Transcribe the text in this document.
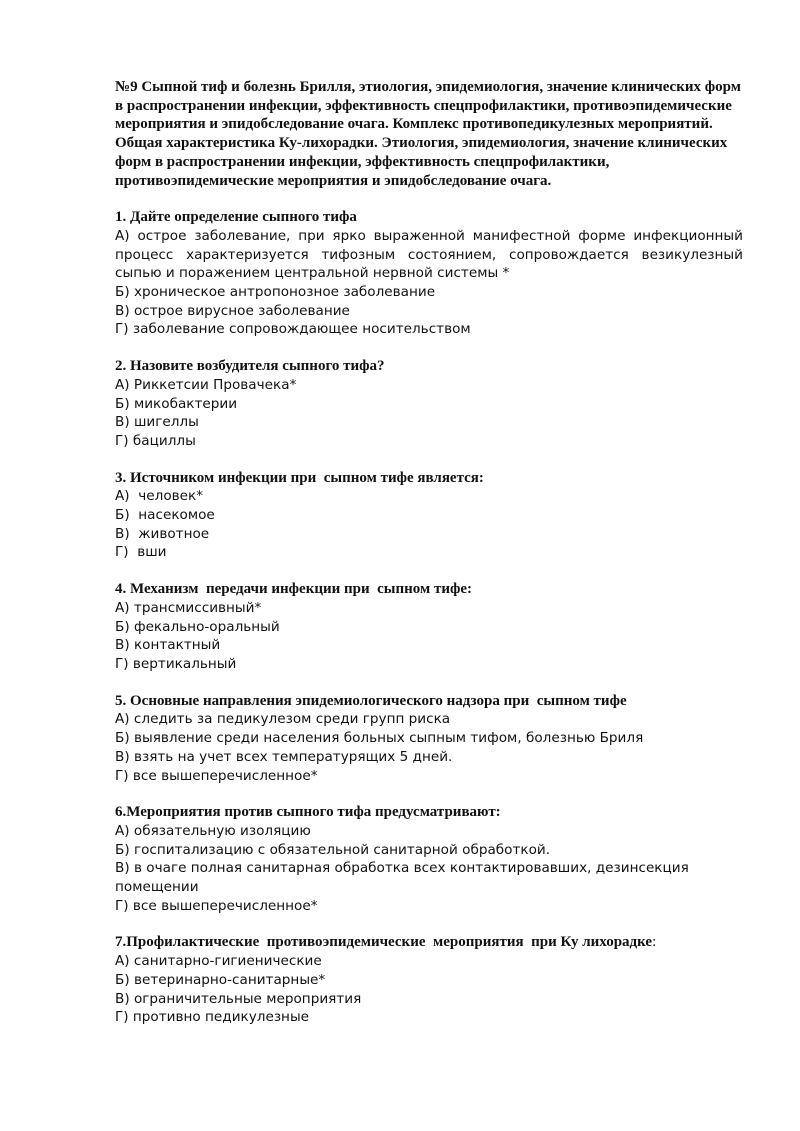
№9 Сыпной тиф и болезнь Брилля, этиология, эпидемиология, значение клинических форм в распространении инфекции, эффективность спецпрофилактики, противоэпидемические мероприятия и эпидобследование очага. Комплекс противопедикулезных мероприятий. Общая характеристика Ку-лихорадки. Этиология, эпидемиология, значение клинических форм в распространении инфекции, эффективность спецпрофилактики, противоэпидемические мероприятия и эпидобследование очага.

1. Дайте определение сыпного тифа

А) острое заболевание, при ярко выраженной манифестной форме инфекционный процесс характеризуется тифозным состоянием, сопровождается везикулезный сыпью и поражением центральной нервной системы *

Б) хроническое антропонозное заболевание

В) острое вирусное заболевание

Г) заболевание сопровождающее носительством

2. Назовите возбудителя сыпного тифа?

А) Риккетсии Провачека*

Б) микобактерии

В) шигеллы

Г) бациллы

3. Источником инфекции при  сыпном тифе является:

А)  человек*

Б)  насекомое

В)  животное

Г)  вши

4. Механизм  передачи инфекции при  сыпном тифе:

А) трансмиссивный*

Б) фекально-оральный

В) контактный

Г) вертикальный

5. Основные направления эпидемиологического надзора при  сыпном тифе

А) следить за педикулезом среди групп риска

Б) выявление среди населения больных сыпным тифом, болезнью Бриля

В) взять на учет всех температурящих 5 дней.

Г) все вышеперечисленное*

6.Мероприятия против сыпного тифа предусматривают:

А) обязательную изоляцию

Б) госпитализацию с обязательной санитарной обработкой.

В) в очаге полная санитарная обработка всех контактировавших, дезинсекция помещении

Г) все вышеперечисленное*

7.Профилактические  противоэпидемические  мероприятия  при Ку лихорадке:

А) санитарно-гигиенические

Б) ветеринарно-санитарные*

В) ограничительные мероприятия

Г) противно педикулезные
